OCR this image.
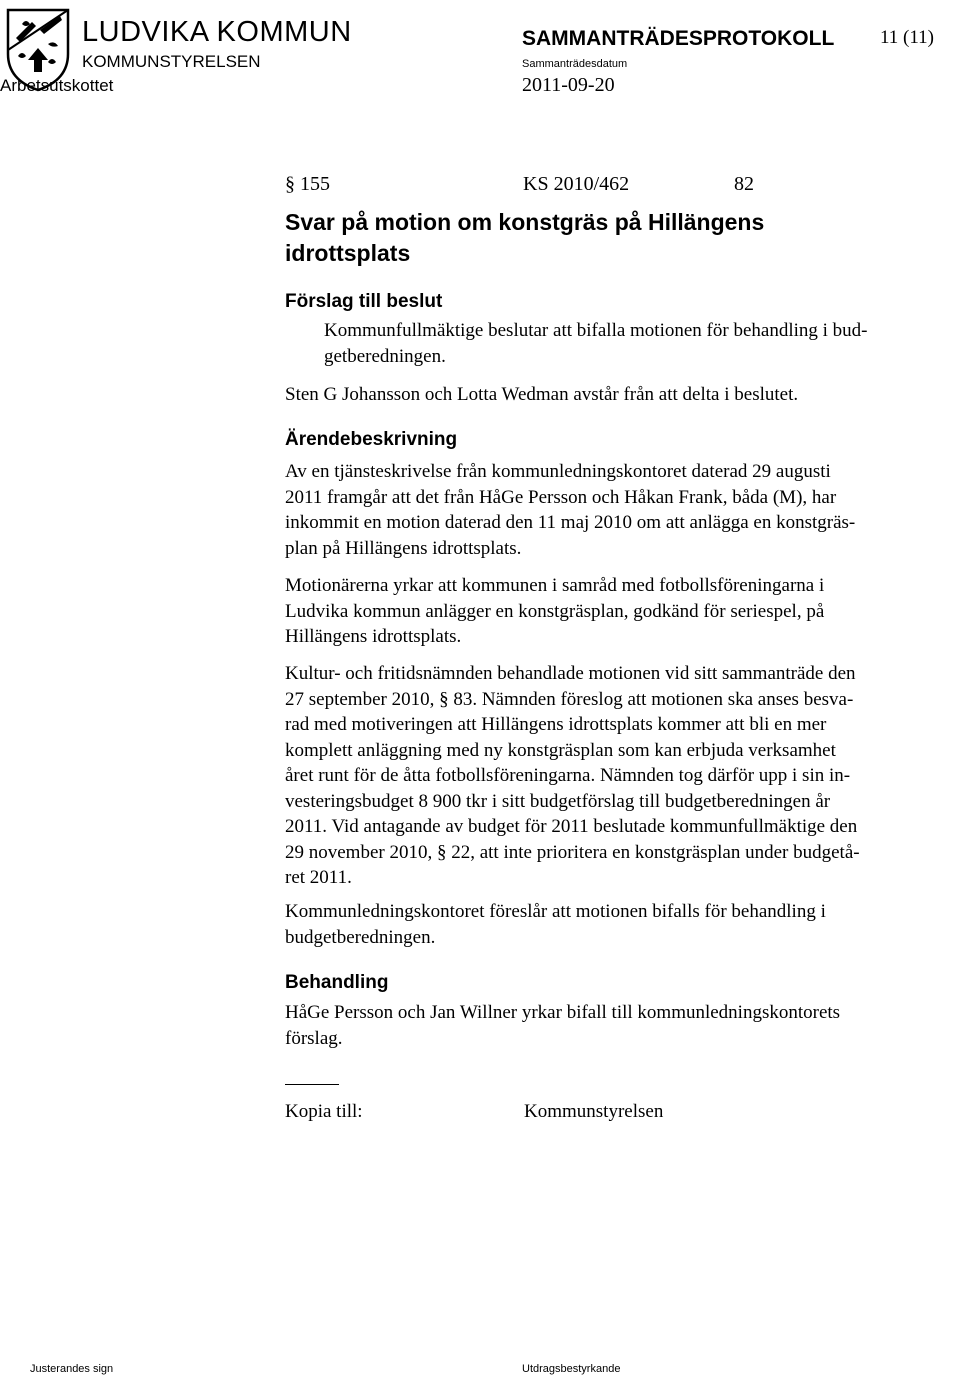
LUDVIKA KOMMUN
KOMMUNSTYRELSEN
Arbetsutskottet
SAMMANTRÄDESPROTOKOLL 11 (11)
Sammanträdesdatum
2011-09-20
§ 155	KS 2010/462	82
Svar på motion om konstgräs på Hillängens
idrottsplats
Förslag till beslut
Kommunfullmäktige beslutar att bifalla motionen för behandling i bud-
getberedningen.
Sten G Johansson och Lotta Wedman avstår från att delta i beslutet.
Ärendebeskrivning
Av en tjänsteskrivelse från kommunledningskontoret daterad 29 augusti
2011 framgår att det från HåGe Persson och Håkan Frank, båda (M), har
inkommit en motion daterad den 11 maj 2010 om att anlägga en konstgräs-
plan på Hillängens idrottsplats.
Motionärerna yrkar att kommunen i samråd med fotbollsföreningarna i
Ludvika kommun anlägger en konstgräsplan, godkänd för seriespel, på
Hillängens idrottsplats.
Kultur- och fritidsnämnden behandlade motionen vid sitt sammanträde den
27 september 2010, § 83. Nämnden föreslog att motionen ska anses besva-
rad med motiveringen att Hillängens idrottsplats kommer att bli en mer
komplett anläggning med ny konstgräsplan som kan erbjuda verksamhet
året runt för de åtta fotbollsföreningarna. Nämnden tog därför upp i sin in-
vesteringsbudget 8 900 tkr i sitt budgetförslag till budgetberedningen år
2011. Vid antagande av budget för 2011 beslutade kommunfullmäktige den
29 november 2010, § 22, att inte prioritera en konstgräsplan under budgetå-
ret 2011.
Kommunledningskontoret föreslår att motionen bifalls för behandling i
budgetberedningen.
Behandling
HåGe Persson och Jan Willner yrkar bifall till kommunledningskontorets
förslag.
Kopia till:	Kommunstyrelsen
Justerandes sign	Utdragsbestyrkande
